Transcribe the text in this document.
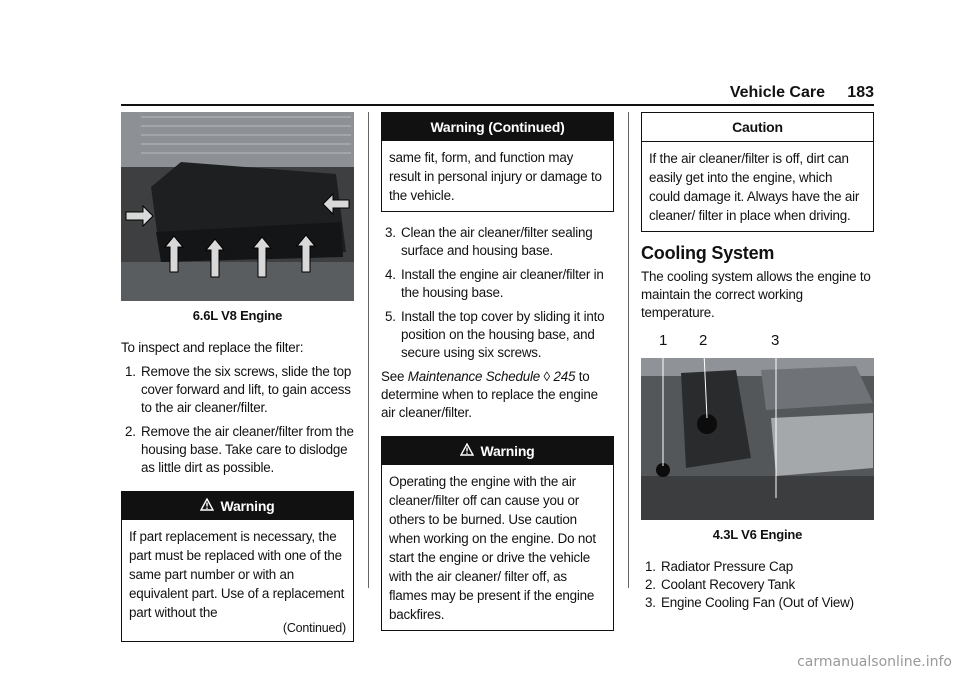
Vehicle Care 183
6.6L V8 Engine

To inspect and replace the filter:

1. Remove the six screws, slide the top cover forward and lift, to gain access to the air cleaner/filter.
2. Remove the air cleaner/filter from the housing base. Take care to dislodge as little dirt as possible.
Warning
If part replacement is necessary, the part must be replaced with one of the same part number or with an equivalent part. Use of a replacement part without the
(Continued)
Warning (Continued)
same fit, form, and function may result in personal injury or damage to the vehicle.
3. Clean the air cleaner/filter sealing surface and housing base.
4. Install the engine air cleaner/filter in the housing base.
5. Install the top cover by sliding it into position on the housing base, and secure using six screws.

See Maintenance Schedule ◊ 245 to determine when to replace the engine air cleaner/filter.

Warning
Operating the engine with the air cleaner/filter off can cause you or others to be burned. Use caution when working on the engine. Do not start the engine or drive the vehicle with the air cleaner/ filter off, as flames may be present if the engine backfires.
Caution
If the air cleaner/filter is off, dirt can easily get into the engine, which could damage it. Always have the air cleaner/ filter in place when driving.
Cooling System

The cooling system allows the engine to maintain the correct working temperature.

1 2	3
4.3L V6 Engine
1. Radiator Pressure Cap
2. Coolant Recovery Tank
3. Engine Cooling Fan (Out of View)
carmanualsonline.info
